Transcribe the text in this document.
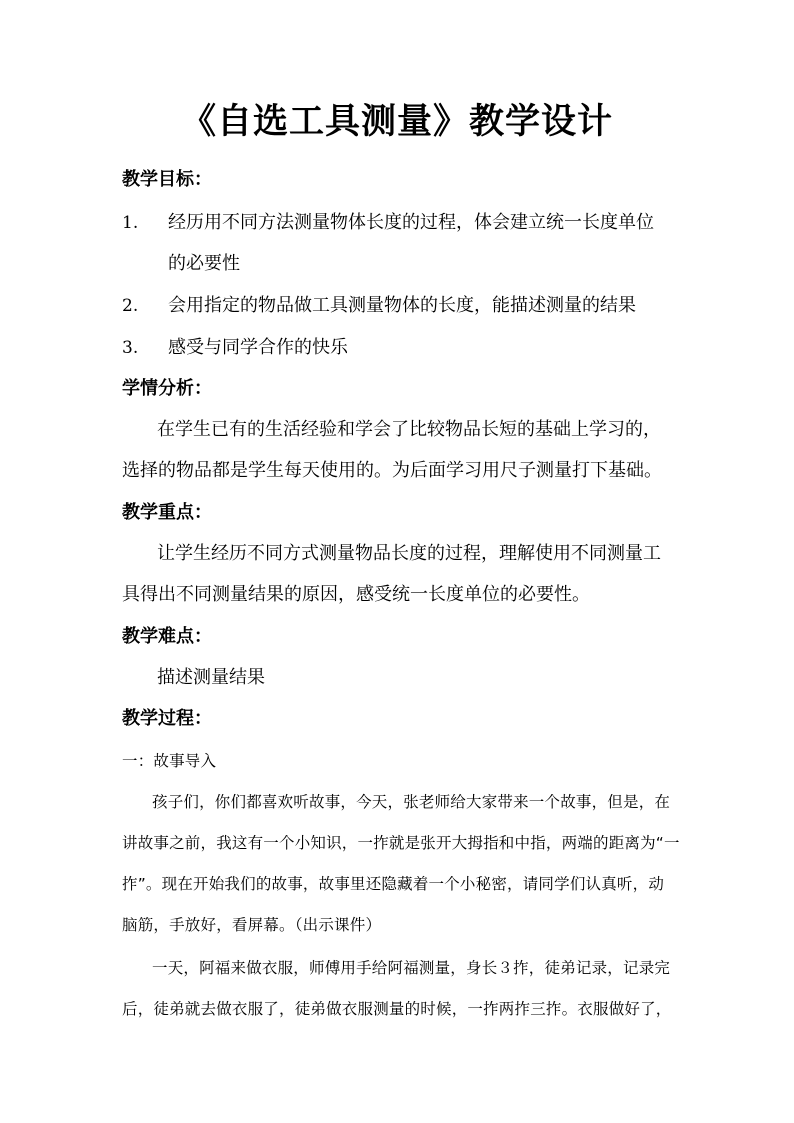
《自选工具测量》教学设计
教学目标：
1. 经历用不同方法测量物体长度的过程，体会建立统一长度单位
的必要性
2. 会用指定的物品做工具测量物体的长度，能描述测量的结果
3. 感受与同学合作的快乐
学情分析：
在学生已有的生活经验和学会了比较物品长短的基础上学习的，
选择的物品都是学生每天使用的。为后面学习用尺子测量打下基础。
教学重点：
让学生经历不同方式测量物品长度的过程，理解使用不同测量工
具得出不同测量结果的原因，感受统一长度单位的必要性。
教学难点：
描述测量结果
教学过程：
一：故事导入
孩子们，你们都喜欢听故事，今天，张老师给大家带来一个故事，但是，在
讲故事之前，我这有一个小知识，一拃就是张开大拇指和中指，两端的距离为“一
拃”。现在开始我们的故事，故事里还隐藏着一个小秘密，请同学们认真听，动
脑筋，手放好，看屏幕。（出示课件）
一天，阿福来做衣服，师傅用手给阿福测量，身长３拃，徒弟记录，记录完
后，徒弟就去做衣服了，徒弟做衣服测量的时候，一拃两拃三拃。衣服做好了，
